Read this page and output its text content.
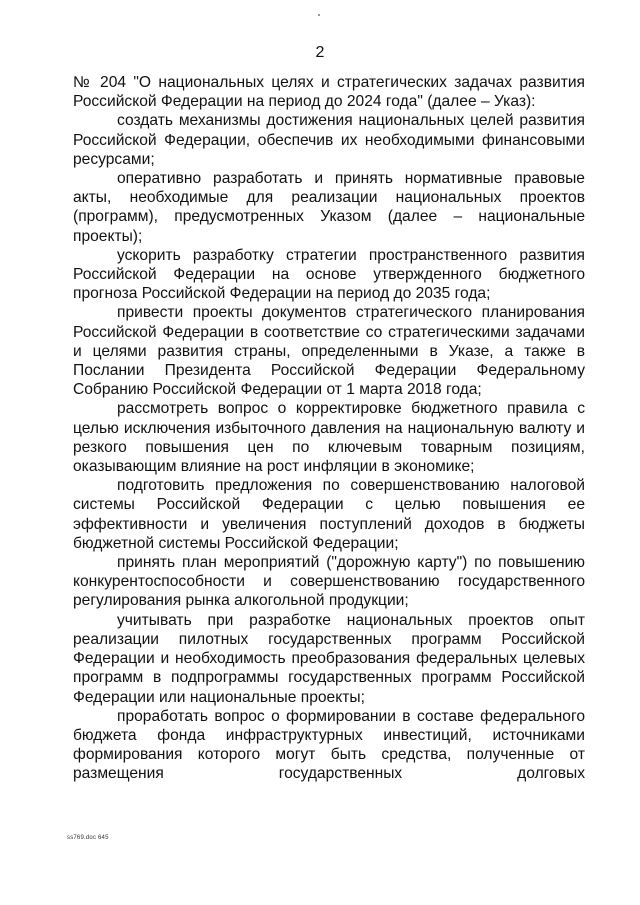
2

№ 204 "О национальных целях и стратегических задачах развития Российской Федерации на период до 2024 года" (далее – Указ):

создать механизмы достижения национальных целей развития Российской Федерации, обеспечив их необходимыми финансовыми ресурсами;

оперативно разработать и принять нормативные правовые акты, необходимые для реализации национальных проектов (программ), предусмотренных Указом (далее – национальные проекты);

ускорить разработку стратегии пространственного развития Российской Федерации на основе утвержденного бюджетного прогноза Российской Федерации на период до 2035 года;

привести проекты документов стратегического планирования Российской Федерации в соответствие со стратегическими задачами и целями развития страны, определенными в Указе, а также в Послании Президента Российской Федерации Федеральному Собранию Российской Федерации от 1 марта 2018 года;

рассмотреть вопрос о корректировке бюджетного правила с целью исключения избыточного давления на национальную валюту и резкого повышения цен по ключевым товарным позициям, оказывающим влияние на рост инфляции в экономике;

подготовить предложения по совершенствованию налоговой системы Российской Федерации с целью повышения ее эффективности и увеличения поступлений доходов в бюджеты бюджетной системы Российской Федерации;

принять план мероприятий ("дорожную карту") по повышению конкурентоспособности и совершенствованию государственного регулирования рынка алкогольной продукции;

учитывать при разработке национальных проектов опыт реализации пилотных государственных программ Российской Федерации и необходимость преобразования федеральных целевых программ в подпрограммы государственных программ Российской Федерации или национальные проекты;

проработать вопрос о формировании в составе федерального бюджета фонда инфраструктурных инвестиций, источниками формирования которого могут быть средства, полученные от размещения государственных долговых

ss769.doc 645
